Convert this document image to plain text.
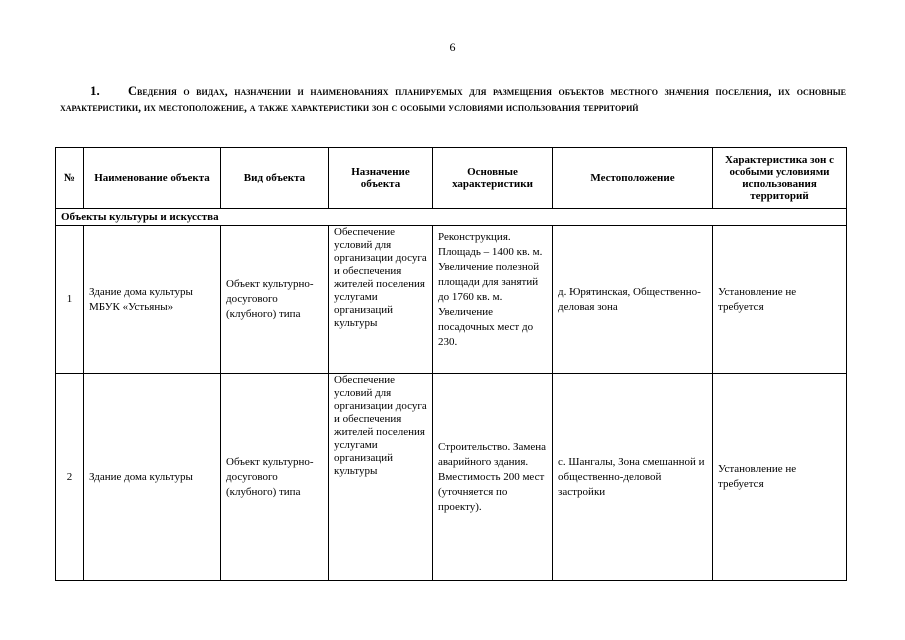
6
1. Сведения о видах, назначении и наименованиях планируемых для размещения объектов местного значения поселения, их основные характеристики, их местоположение, а также характеристики зон с особыми условиями использования территорий
№	Наименование объекта	Вид объекта	Назначение объекта	Основные характеристики	Местоположение	Характеристика зон с особыми условиями использования территорий
Объекты культуры и искусства						
1	Здание дома культуры МБУК «Устьяны»	Объект культурно-досугового (клубного) типа	Обеспечение условий для организации досуга и обеспечения жителей поселения услугами организаций культуры	Реконструкция. Площадь – 1400 кв. м. Увеличение полезной площади для занятий до 1760 кв. м. Увеличение посадочных мест до 230.	д. Юрятинская, Общественно-деловая зона	Установление не требуется
2	Здание дома культуры	Объект культурно-досугового (клубного) типа	Обеспечение условий для организации досуга и обеспечения жителей поселения услугами организаций культуры	Строительство. Замена аварийного здания. Вместимость 200 мест (уточняется по проекту).	с. Шангалы, Зона смешанной и общественно-деловой застройки	Установление не требуется
